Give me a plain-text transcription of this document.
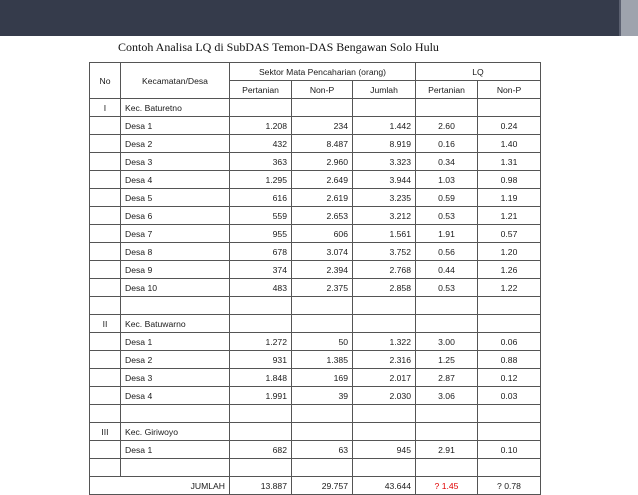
Contoh Analisa LQ di SubDAS Temon-DAS Bengawan Solo Hulu
No	Kecamatan/Desa	Sektor Mata Pencaharian (orang)			LQ	
		Pertanian	Non-P	Jumlah	Pertanian	Non-P
I	Kec. Baturetno					
	Desa 1	1.208	234	1.442	2.60	0.24
	Desa 2	432	8.487	8.919	0.16	1.40
	Desa 3	363	2.960	3.323	0.34	1.31
	Desa 4	1.295	2.649	3.944	1.03	0.98
	Desa 5	616	2.619	3.235	0.59	1.19
	Desa 6	559	2.653	3.212	0.53	1.21
	Desa 7	955	606	1.561	1.91	0.57
	Desa 8	678	3.074	3.752	0.56	1.20
	Desa 9	374	2.394	2.768	0.44	1.26
	Desa 10	483	2.375	2.858	0.53	1.22

II	Kec. Batuwarno					
	Desa 1	1.272	50	1.322	3.00	0.06
	Desa 2	931	1.385	2.316	1.25	0.88
	Desa 3	1.848	169	2.017	2.87	0.12
	Desa 4	1.991	39	2.030	3.06	0.03

III	Kec. Giriwoyo					
	Desa 1	682	63	945	2.91	0.10

JUMLAH		13.887	29.757	43.644	? 1.45	? 0.78
